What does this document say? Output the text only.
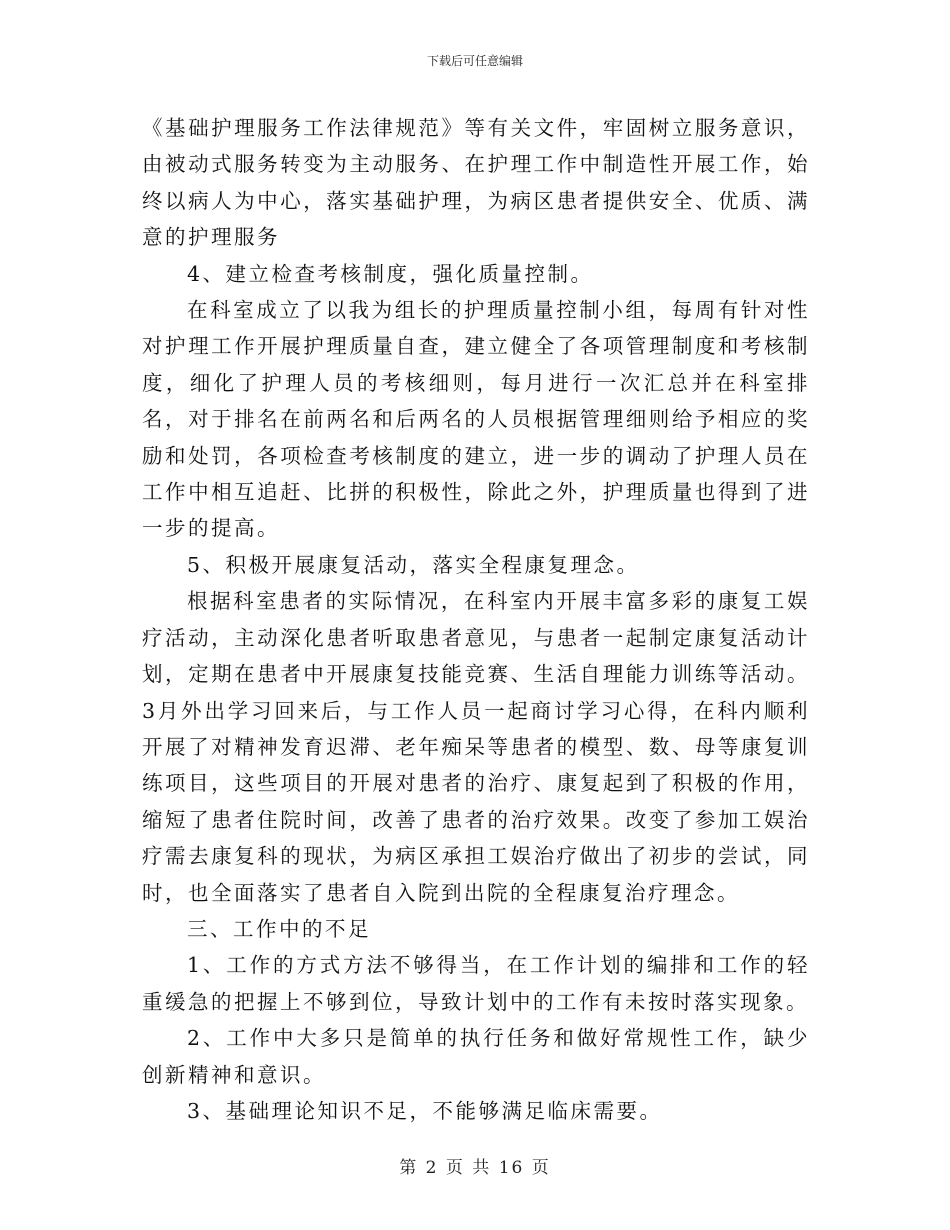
下载后可任意编辑

《基础护理服务工作法律规范》等有关文件，牢固树立服务意识，由被动式服务转变为主动服务、在护理工作中制造性开展工作，始终以病人为中心，落实基础护理，为病区患者提供安全、优质、满意的护理服务

4、建立检查考核制度，强化质量控制。

在科室成立了以我为组长的护理质量控制小组，每周有针对性对护理工作开展护理质量自查，建立健全了各项管理制度和考核制度，细化了护理人员的考核细则，每月进行一次汇总并在科室排名，对于排名在前两名和后两名的人员根据管理细则给予相应的奖励和处罚，各项检查考核制度的建立，进一步的调动了护理人员在工作中相互追赶、比拼的积极性，除此之外，护理质量也得到了进一步的提高。

5、积极开展康复活动，落实全程康复理念。

根据科室患者的实际情况，在科室内开展丰富多彩的康复工娱疗活动，主动深化患者听取患者意见，与患者一起制定康复活动计划，定期在患者中开展康复技能竞赛、生活自理能力训练等活动。3月外出学习回来后，与工作人员一起商讨学习心得，在科内顺利开展了对精神发育迟滞、老年痴呆等患者的模型、数、母等康复训练项目，这些项目的开展对患者的治疗、康复起到了积极的作用，缩短了患者住院时间，改善了患者的治疗效果。改变了参加工娱治疗需去康复科的现状，为病区承担工娱治疗做出了初步的尝试，同时，也全面落实了患者自入院到出院的全程康复治疗理念。

三、工作中的不足

1、工作的方式方法不够得当，在工作计划的编排和工作的轻重缓急的把握上不够到位，导致计划中的工作有未按时落实现象。

2、工作中大多只是简单的执行任务和做好常规性工作，缺少创新精神和意识。

3、基础理论知识不足，不能够满足临床需要。

第 2 页 共 16 页
